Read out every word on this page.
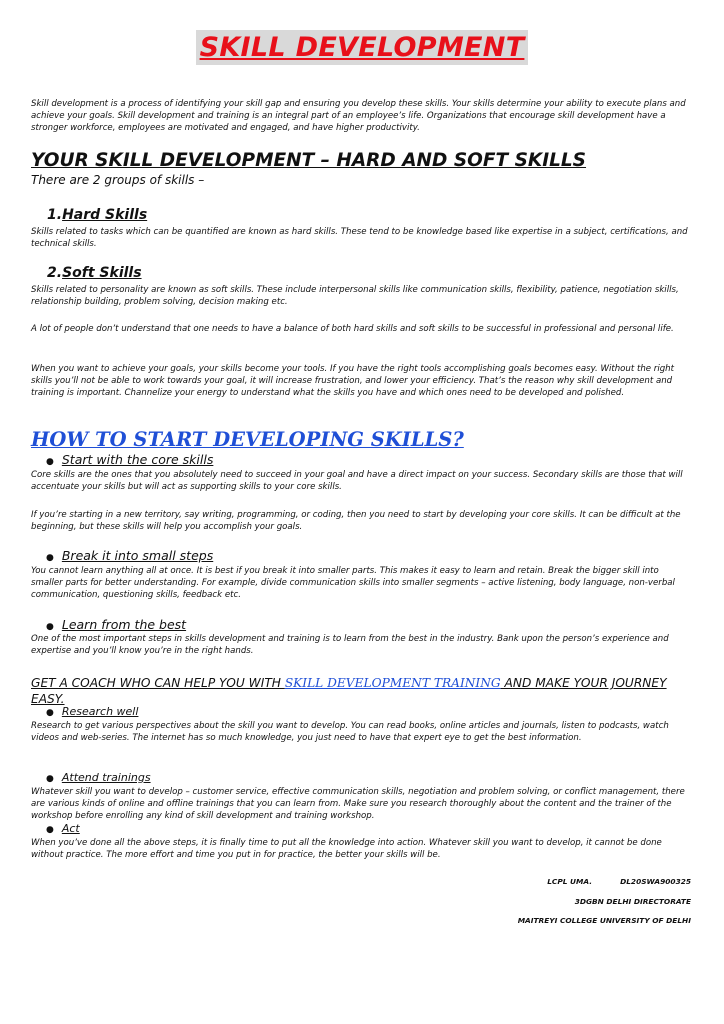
SKILL DEVELOPMENT

Skill development is a process of identifying your skill gap and ensuring you develop these skills. Your skills determine your ability to execute plans and achieve your goals. Skill development and training is an integral part of an employee’s life. Organizations that encourage skill development have a stronger workforce, employees are motivated and engaged, and have higher productivity.

YOUR SKILL DEVELOPMENT – HARD AND SOFT SKILLS

There are 2 groups of skills –

1.Hard Skills

Skills related to tasks which can be quantified are known as hard skills. These tend to be knowledge based like expertise in a subject, certifications, and technical skills.

2.Soft Skills

Skills related to personality are known as soft skills. These include interpersonal skills like communication skills, flexibility, patience, negotiation skills, relationship building, problem solving, decision making etc.

A lot of people don’t understand that one needs to have a balance of both hard skills and soft skills to be successful in professional and personal life.

When you want to achieve your goals, your skills become your tools. If you have the right tools accomplishing goals becomes easy. Without the right skills you’ll not be able to work towards your goal, it will increase frustration, and lower your efficiency. That’s the reason why skill development and training is important. Channelize your energy to understand what the skills you have and which ones need to be developed and polished.

HOW TO START DEVELOPING SKILLS?

● Start with the core skills

Core skills are the ones that you absolutely need to succeed in your goal and have a direct impact on your success. Secondary skills are those that will accentuate your skills but will act as supporting skills to your core skills.

If you’re starting in a new territory, say writing, programming, or coding, then you need to start by developing your core skills. It can be difficult at the beginning, but these skills will help you accomplish your goals.

● Break it into small steps

You cannot learn anything all at once. It is best if you break it into smaller parts. This makes it easy to learn and retain. Break the bigger skill into smaller parts for better understanding. For example, divide communication skills into smaller segments – active listening, body language, non-verbal communication, questioning skills, feedback etc.

● Learn from the best

One of the most important steps in skills development and training is to learn from the best in the industry. Bank upon the person’s experience and expertise and you’ll know you’re in the right hands.

GET A COACH WHO CAN HELP YOU WITH SKILL DEVELOPMENT TRAINING AND MAKE YOUR JOURNEY EASY.

● Research well

Research to get various perspectives about the skill you want to develop. You can read books, online articles and journals, listen to podcasts, watch videos and web-series. The internet has so much knowledge, you just need to have that expert eye to get the best information.

● Attend trainings

Whatever skill you want to develop – customer service, effective communication skills, negotiation and problem solving, or conflict management, there are various kinds of online and offline trainings that you can learn from. Make sure you research thoroughly about the content and the trainer of the workshop before enrolling any kind of skill development and training workshop.

● Act

When you’ve done all the above steps, it is finally time to put all the knowledge into action. Whatever skill you want to develop, it cannot be done without practice. The more effort and time you put in for practice, the better your skills will be.

LCPL UMA.	DL20SWA900325

3DGBN DELHI DIRECTORATE

MAITREYI COLLEGE UNIVERSITY OF DELHI
